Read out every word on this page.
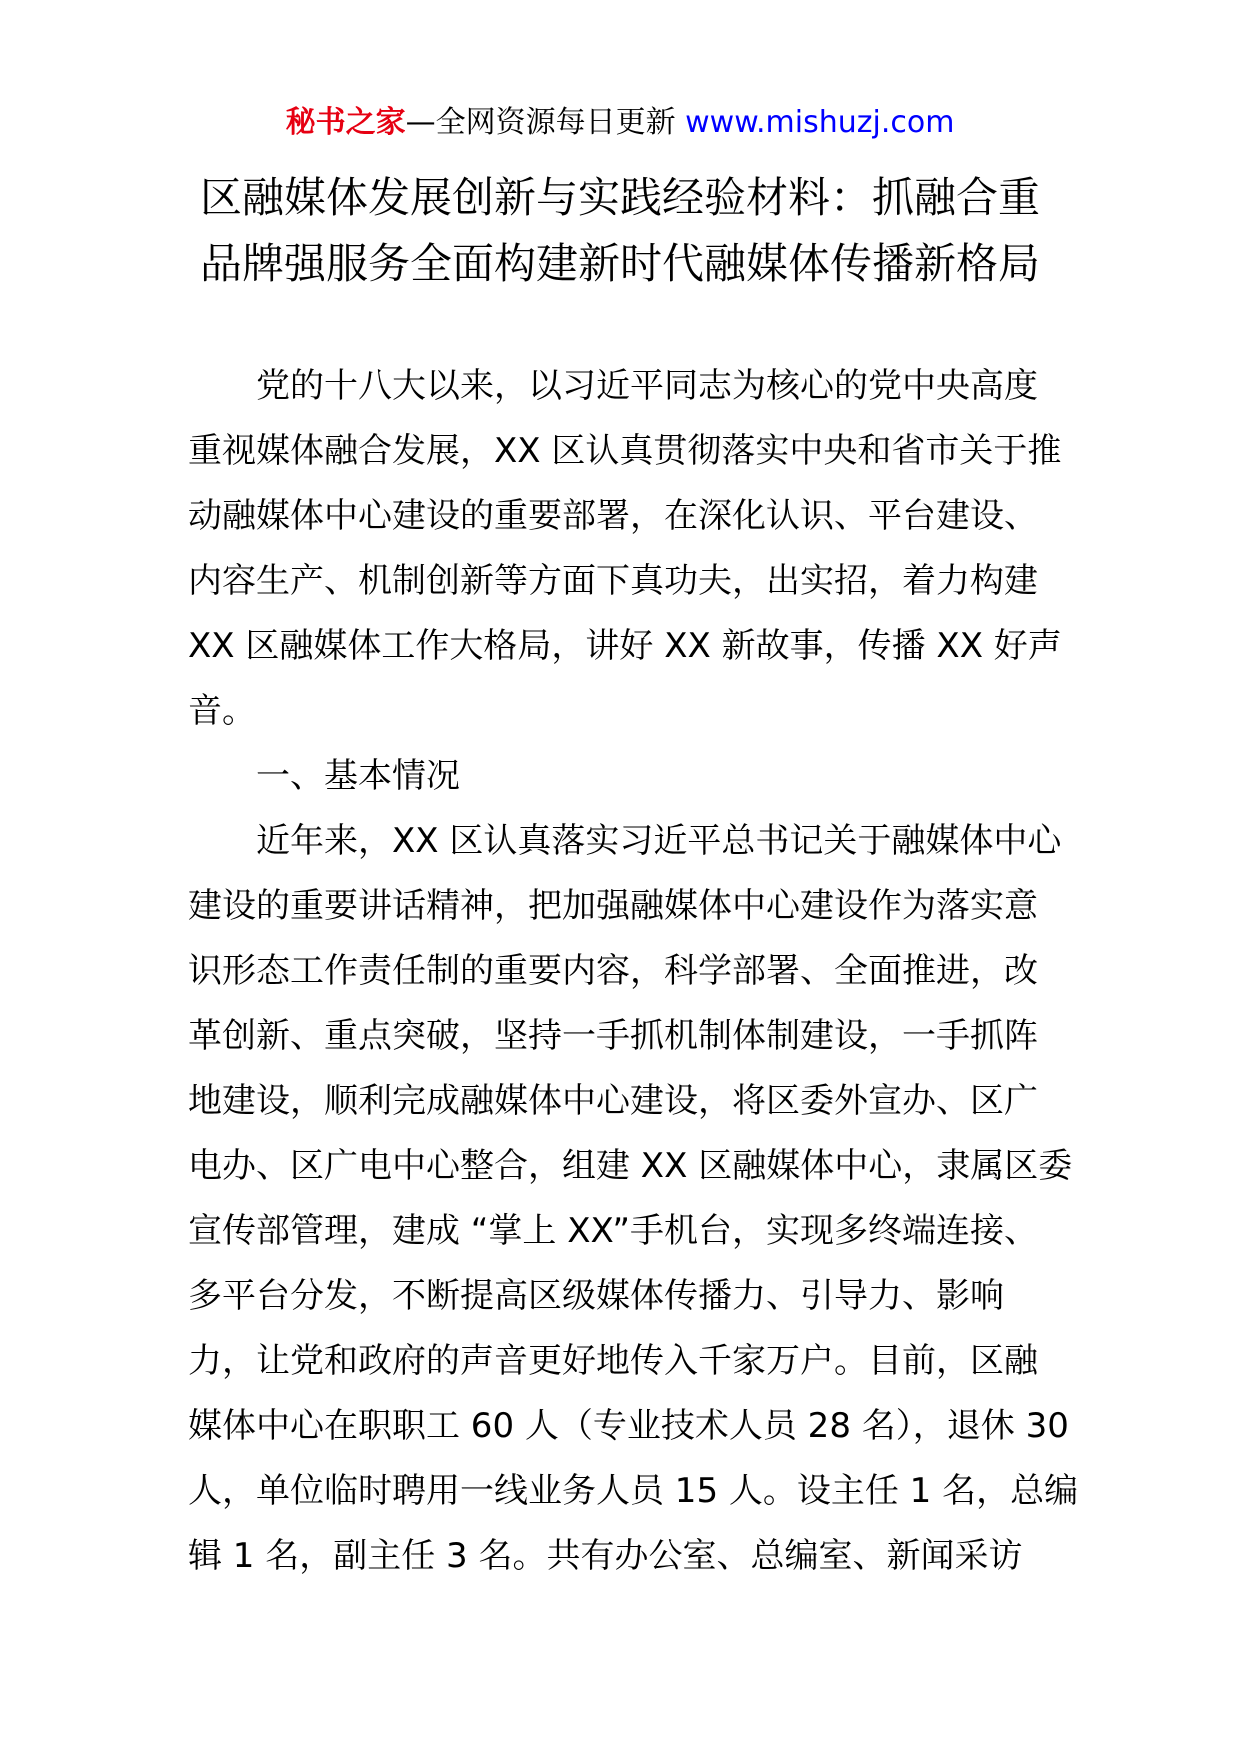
秘书之家—全网资源每日更新 www.mishuzj.com
区融媒体发展创新与实践经验材料：抓融合重
品牌强服务全面构建新时代融媒体传播新格局
党的十八大以来，以习近平同志为核心的党中央高度
重视媒体融合发展，XX 区认真贯彻落实中央和省市关于推
动融媒体中心建设的重要部署，在深化认识、平台建设、
内容生产、机制创新等方面下真功夫，出实招，着力构建
XX 区融媒体工作大格局，讲好 XX 新故事，传播 XX 好声
音。
一、基本情况
近年来，XX 区认真落实习近平总书记关于融媒体中心
建设的重要讲话精神，把加强融媒体中心建设作为落实意
识形态工作责任制的重要内容，科学部署、全面推进，改
革创新、重点突破，坚持一手抓机制体制建设，一手抓阵
地建设，顺利完成融媒体中心建设，将区委外宣办、区广
电办、区广电中心整合，组建 XX 区融媒体中心，隶属区委
宣传部管理，建成 “掌上 XX”手机台，实现多终端连接、
多平台分发，不断提高区级媒体传播力、引导力、影响
力，让党和政府的声音更好地传入千家万户。目前，区融
媒体中心在职职工 60 人（专业技术人员 28 名），退休 30
人，单位临时聘用一线业务人员 15 人。设主任 1 名，总编
辑 1 名，副主任 3 名。共有办公室、总编室、新闻采访
